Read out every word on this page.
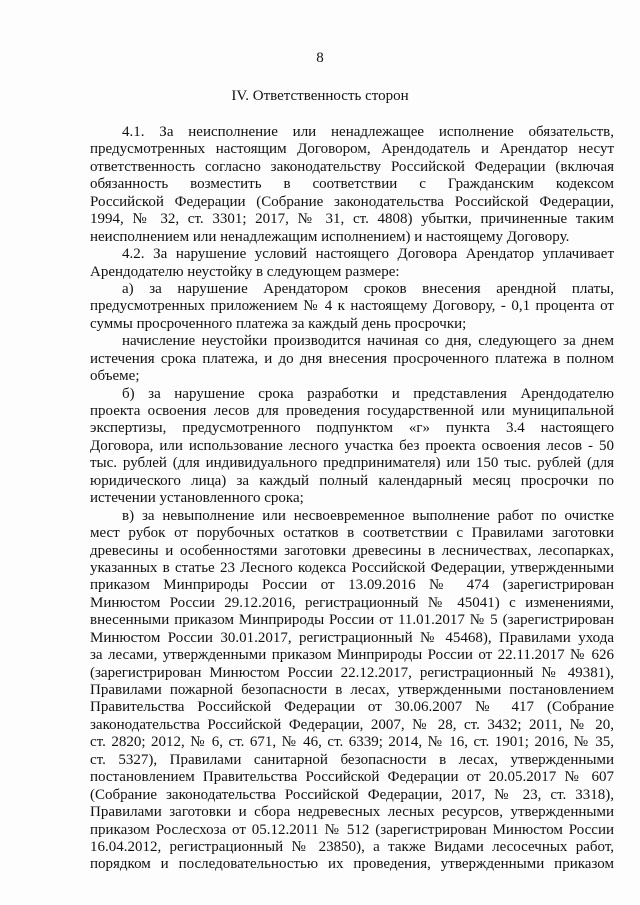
8
IV. Ответственность сторон
4.1. За неисполнение или ненадлежащее исполнение обязательств,
предусмотренных настоящим Договором, Арендодатель и Арендатор несут
ответственность согласно законодательству Российской Федерации (включая
обязанность возместить в соответствии с Гражданским кодексом
Российской Федерации (Собрание законодательства Российской Федерации,
1994, № 32, ст. 3301; 2017, № 31, ст. 4808) убытки, причиненные таким
неисполнением или ненадлежащим исполнением) и настоящему Договору.
4.2. За нарушение условий настоящего Договора Арендатор уплачивает
Арендодателю неустойку в следующем размере:
а) за нарушение Арендатором сроков внесения арендной платы,
предусмотренных приложением № 4 к настоящему Договору, - 0,1 процента от
суммы просроченного платежа за каждый день просрочки;
начисление неустойки производится начиная со дня, следующего за днем
истечения срока платежа, и до дня внесения просроченного платежа в полном
объеме;
б) за нарушение срока разработки и представления Арендодателю
проекта освоения лесов для проведения государственной или муниципальной
экспертизы, предусмотренного подпунктом «г» пункта 3.4 настоящего
Договора, или использование лесного участка без проекта освоения лесов - 50
тыс. рублей (для индивидуального предпринимателя) или 150 тыс. рублей (для
юридического лица) за каждый полный календарный месяц просрочки по
истечении установленного срока;
в) за невыполнение или несвоевременное выполнение работ по очистке
мест рубок от порубочных остатков в соответствии с Правилами заготовки
древесины и особенностями заготовки древесины в лесничествах, лесопарках,
указанных в статье 23 Лесного кодекса Российской Федерации, утвержденными
приказом Минприроды России от 13.09.2016 № 474 (зарегистрирован
Минюстом России 29.12.2016, регистрационный № 45041) с изменениями,
внесенными приказом Минприроды России от 11.01.2017 № 5 (зарегистрирован
Минюстом России 30.01.2017, регистрационный № 45468), Правилами ухода
за лесами, утвержденными приказом Минприроды России от 22.11.2017 № 626
(зарегистрирован Минюстом России 22.12.2017, регистрационный № 49381),
Правилами пожарной безопасности в лесах, утвержденными постановлением
Правительства Российской Федерации от 30.06.2007 № 417 (Собрание
законодательства Российской Федерации, 2007, № 28, ст. 3432; 2011, № 20,
ст. 2820; 2012, № 6, ст. 671, № 46, ст. 6339; 2014, № 16, ст. 1901; 2016, № 35,
ст. 5327), Правилами санитарной безопасности в лесах, утвержденными
постановлением Правительства Российской Федерации от 20.05.2017 № 607
(Собрание законодательства Российской Федерации, 2017, № 23, ст. 3318),
Правилами заготовки и сбора недревесных лесных ресурсов, утвержденными
приказом Рослесхоза от 05.12.2011 № 512 (зарегистрирован Минюстом России
16.04.2012, регистрационный № 23850), а также Видами лесосечных работ,
порядком и последовательностью их проведения, утвержденными приказом
